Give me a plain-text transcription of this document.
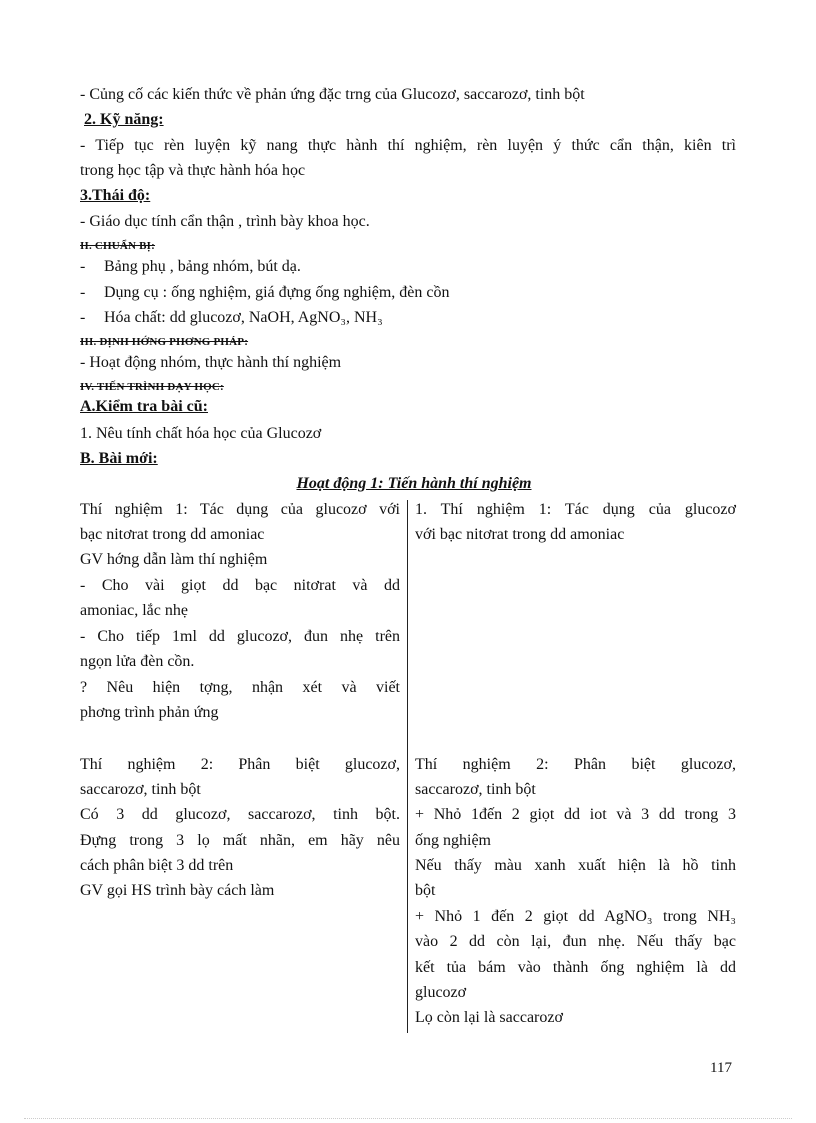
- Củng cố các kiến thức về phản ứng đặc trng của Glucozơ, saccarozơ, tinh bột
2. Kỹ năng:
- Tiếp tục rèn luyện kỹ nang thực hành thí nghiệm, rèn luyện ý thức cẩn thận, kiên trì
trong học tập và thực hành hóa học
3.Thái độ:
- Giáo dục tính cẩn thận , trình bày khoa học.
II. CHUẨN BỊ:
- Bảng phụ , bảng nhóm, bút dạ.
- Dụng cụ : ống nghiệm, giá đựng ống nghiệm, đèn cồn
- Hóa chất: dd glucozơ, NaOH, AgNO₃, NH₃
III. ĐỊNH HỚNG PHƠNG PHÁP:
- Hoạt động nhóm, thực hành thí nghiệm
IV. TIẾN TRÌNH DẠY HỌC:
A.Kiểm tra bài cũ:
1. Nêu tính chất hóa học của Glucozơ
B. Bài mới:
Hoạt động 1: Tiến hành thí nghiệm
Thí nghiệm 1: Tác dụng của glucozơ với
bạc nitơrat trong dd amoniac
GV hớng dẫn làm thí nghiệm
- Cho vài giọt dd bạc nitơrat và dd
amoniac, lắc nhẹ
- Cho tiếp 1ml dd glucozơ, đun nhẹ trên
ngọn lửa đèn cồn.
? Nêu hiện tợng, nhận xét và viết
phơng trình phản ứng
Thí nghiệm 2: Phân biệt glucozơ,
saccarozơ, tinh bột
Có 3 dd glucozơ, saccarozơ, tinh bột.
Đựng trong 3 lọ mất nhãn, em hãy nêu
cách phân biệt 3 dd trên
GV gọi HS trình bày cách làm
1. Thí nghiệm 1: Tác dụng của glucozơ
với bạc nitơrat trong dd amoniac
Thí nghiệm 2: Phân biệt glucozơ,
saccarozơ, tinh bột
+ Nhỏ 1đến 2 giọt dd iot và 3 dd trong 3
ống nghiệm
Nếu thấy màu xanh xuất hiện là hồ tinh
bột
+ Nhỏ 1 đến 2 giọt dd AgNO₃ trong NH₃
vào 2 dd còn lại, đun nhẹ. Nếu thấy bạc
kết tủa bám vào thành ống nghiệm là dd
glucozơ
Lọ còn lại là saccarozơ
117
